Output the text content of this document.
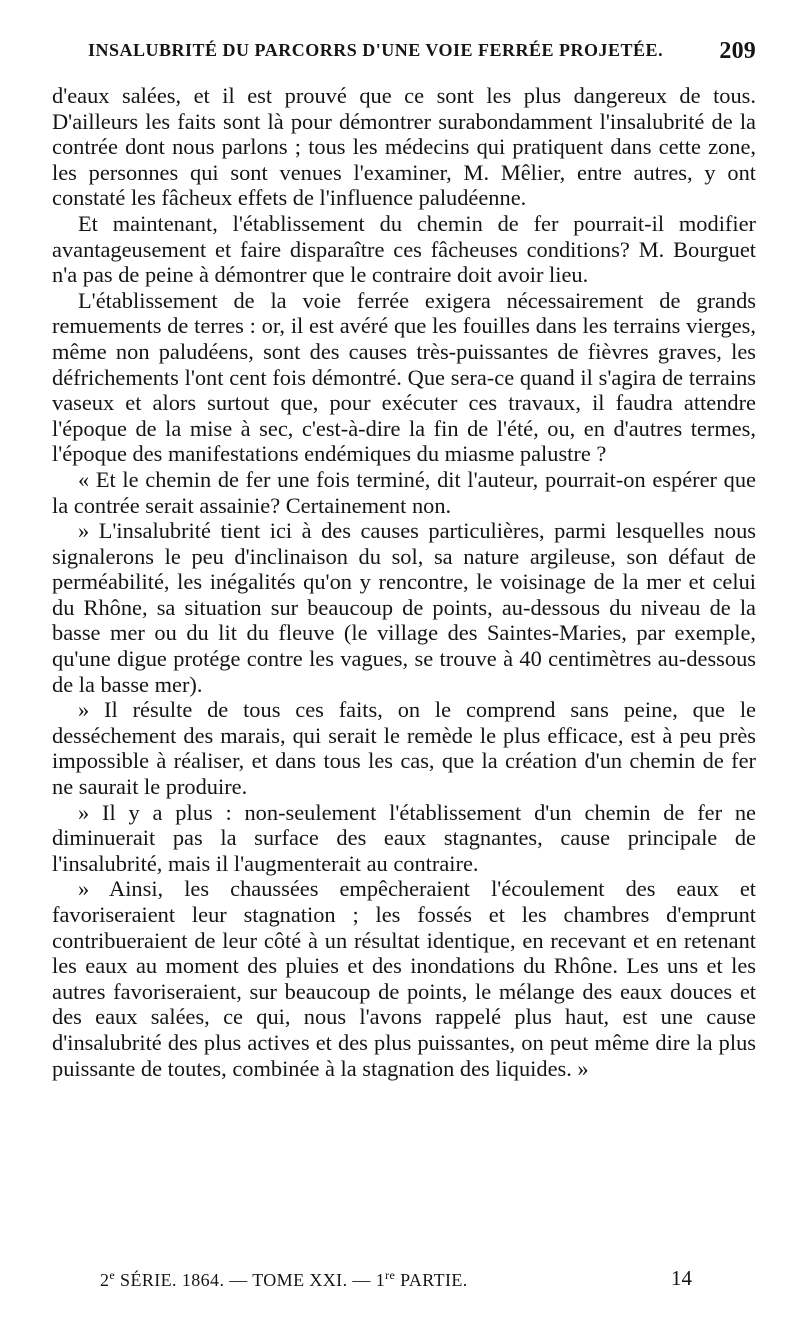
INSALUBRITÉ DU PARCORRS D'UNE VOIE FERRÉE PROJETÉE. 209

d'eaux salées, et il est prouvé que ce sont les plus dangereux de tous. D'ailleurs les faits sont là pour démontrer surabondamment l'insalubrité de la contrée dont nous parlons ; tous les médecins qui pratiquent dans cette zone, les personnes qui sont venues l'examiner, M. Mêlier, entre autres, y ont constaté les fâcheux effets de l'influence paludéenne.

Et maintenant, l'établissement du chemin de fer pourrait-il modifier avantageusement et faire disparaître ces fâcheuses conditions? M. Bourguet n'a pas de peine à démontrer que le contraire doit avoir lieu.

L'établissement de la voie ferrée exigera nécessairement de grands remuements de terres : or, il est avéré que les fouilles dans les terrains vierges, même non paludéens, sont des causes très-puissantes de fièvres graves, les défrichements l'ont cent fois démontré. Que sera-ce quand il s'agira de terrains vaseux et alors surtout que, pour exécuter ces travaux, il faudra attendre l'époque de la mise à sec, c'est-à-dire la fin de l'été, ou, en d'autres termes, l'époque des manifestations endémiques du miasme palustre ?

« Et le chemin de fer une fois terminé, dit l'auteur, pourrait-on espérer que la contrée serait assainie? Certainement non.

» L'insalubrité tient ici à des causes particulières, parmi lesquelles nous signalerons le peu d'inclinaison du sol, sa nature argileuse, son défaut de perméabilité, les inégalités qu'on y rencontre, le voisinage de la mer et celui du Rhône, sa situation sur beaucoup de points, au-dessous du niveau de la basse mer ou du lit du fleuve (le village des Saintes-Maries, par exemple, qu'une digue protége contre les vagues, se trouve à 40 centimètres au-dessous de la basse mer).

» Il résulte de tous ces faits, on le comprend sans peine, que le desséchement des marais, qui serait le remède le plus efficace, est à peu près impossible à réaliser, et dans tous les cas, que la création d'un chemin de fer ne saurait le produire.

» Il y a plus : non-seulement l'établissement d'un chemin de fer ne diminuerait pas la surface des eaux stagnantes, cause principale de l'insalubrité, mais il l'augmenterait au contraire.

» Ainsi, les chaussées empêcheraient l'écoulement des eaux et favoriseraient leur stagnation ; les fossés et les chambres d'emprunt contribueraient de leur côté à un résultat identique, en recevant et en retenant les eaux au moment des pluies et des inondations du Rhône. Les uns et les autres favoriseraient, sur beaucoup de points, le mélange des eaux douces et des eaux salées, ce qui, nous l'avons rappelé plus haut, est une cause d'insalubrité des plus actives et des plus puissantes, on peut même dire la plus puissante de toutes, combinée à la stagnation des liquides. »

2e SÉRIE. 1864. — TOME XXI. — 1re PARTIE.	14
